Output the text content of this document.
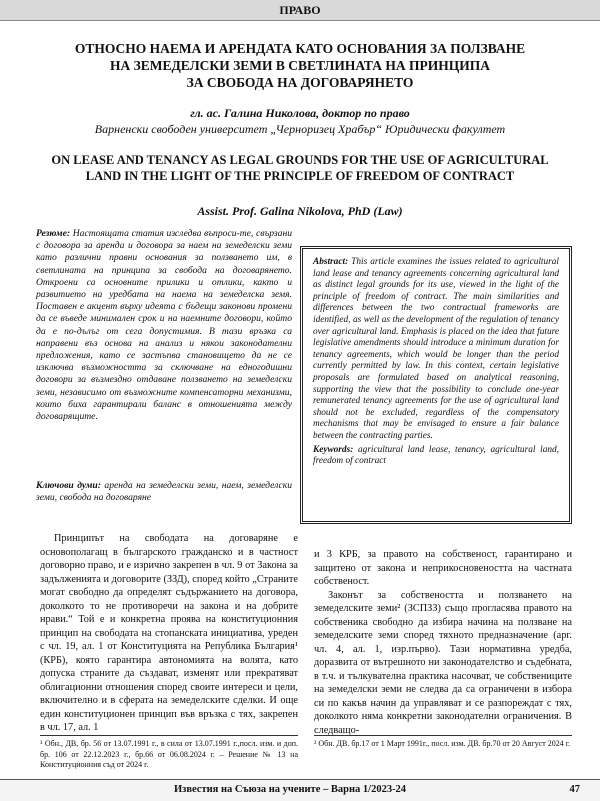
ПРАВО
ОТНОСНО НАЕМА И АРЕНДАТА КАТО ОСНОВАНИЯ ЗА ПОЛЗВАНЕ
НА ЗЕМЕДЕЛСКИ ЗЕМИ В СВЕТЛИНАТА НА ПРИНЦИПА
ЗА СВОБОДА НА ДОГОВАРЯНЕТО
гл. ас. Галина Николова, доктор по право
Варненски свободен университет „Черноризец Храбър“ Юридически факултет
ON LEASE AND TENANCY AS LEGAL GROUNDS FOR THE USE OF AGRICULTURAL
LAND IN THE LIGHT OF THE PRINCIPLE OF FREEDOM OF CONTRACT
Assist. Prof. Galina Nikolova, PhD (Law)
Резюме: Настоящата статия изследва въпроси-те, свързани с договора за аренда и договора за наем на земеделски земи като различни правни основания за ползването им, в светлината на принципа за свобода на договарянето. Откроени са основните прилики и отлики, както и развитието на уредбата на наема на земеделска земя. Поставен е акцент върху идеята с бъдещи законови промени да се въведе минимален срок и на наемните договори, който да е по-дълъг от сега допустимия. В тази връзка са направени въз основа на анализ и някои законодателни предложения, като се застъпва становището да не се изключва възможността за сключване на едногодишни договори за възмездно отдаване ползването на земеделски земи, независимо от възможните компенсаторни механизми, които биха гарантирали баланс в отношенията между договарящите.
Ключови думи: аренда на земеделски земи, наем, земеделски земи, свобода на договаряне
Abstract: This article examines the issues related to agricultural land lease and tenancy agreements concerning agricultural land as distinct legal grounds for its use, viewed in the light of the principle of freedom of contract. The main similarities and differences between the two contractual frameworks are identified, as well as the development of the regulation of tenancy over agricultural land. Emphasis is placed on the idea that future legislative amendments should introduce a minimum duration for tenancy agreements, which would be longer than the period currently permitted by law. In this context, certain legislative proposals are formulated based on analytical reasoning, supporting the view that the possibility to conclude one-year remunerated tenancy agreements for the use of agricultural land should not be excluded, regardless of the compensatory mechanisms that may be envisaged to ensure a fair balance between the contracting parties.
Keywords: agricultural land lease, tenancy, agricultural land, freedom of contract

Принципът на свободата на договаряне е основополагащ в българското гражданско и в частност договорно право, и е изрично закрепен в чл. 9 от Закона за задълженията и договорите (ЗЗД), според който „Страните могат свободно да определят съдържанието на договора, доколкото то не противоречи на закона и на добрите нрави.“ Той е и конкретна проява на конституционния принцип на свободата на стопанската инициатива, уреден с чл. 19, ал. 1 от Конституцията на Република България¹ (КРБ), която гарантира автономията на волята, като допуска страните да създават, изменят или прекратяват облигационни отношения според своите интереси и цели, включително и в сферата на земеделските сделки. И още един конституционен принцип във връзка с тях, закрепен в чл. 17, ал. 1

и 3 КРБ, за правото на собственост, гарантирано и защитено от закона и неприкосновеността на частната собственост.

Законът за собствеността и ползването на земеделските земи² (ЗСПЗЗ) също прогласява правото на собственика свободно да избира начина на ползване на земеделските земи според тяхното предназначение (арг. чл. 4, ал. 1, изр.първо). Тази нормативна уредба, доразвита от вътрешното ни законодателство и съдебната, в т.ч. и тълкувателна практика насочват, че собствениците на земеделски земи не следва да са ограничени в избора си по какъв начин да управляват и се разпореждат с тях, доколкото няма конкретни законодателни ограничения. В следващо-

¹ Обн., ДВ, бр. 56 от 13.07.1991 г., в сила от 13.07.1991 г.,посл. изм. и доп. бр. 106 от 22.12.2023 г., бр.66 от 06.08.2024 г. – Решение № 13 на Конституционния съд от 2024 г.
² Обн. ДВ. бр.17 от 1 Март 1991г., посл. изм. ДВ. бр.70 от 20 Август 2024 г.
Известия на Съюза на учените – Варна 1/2023-24	47
